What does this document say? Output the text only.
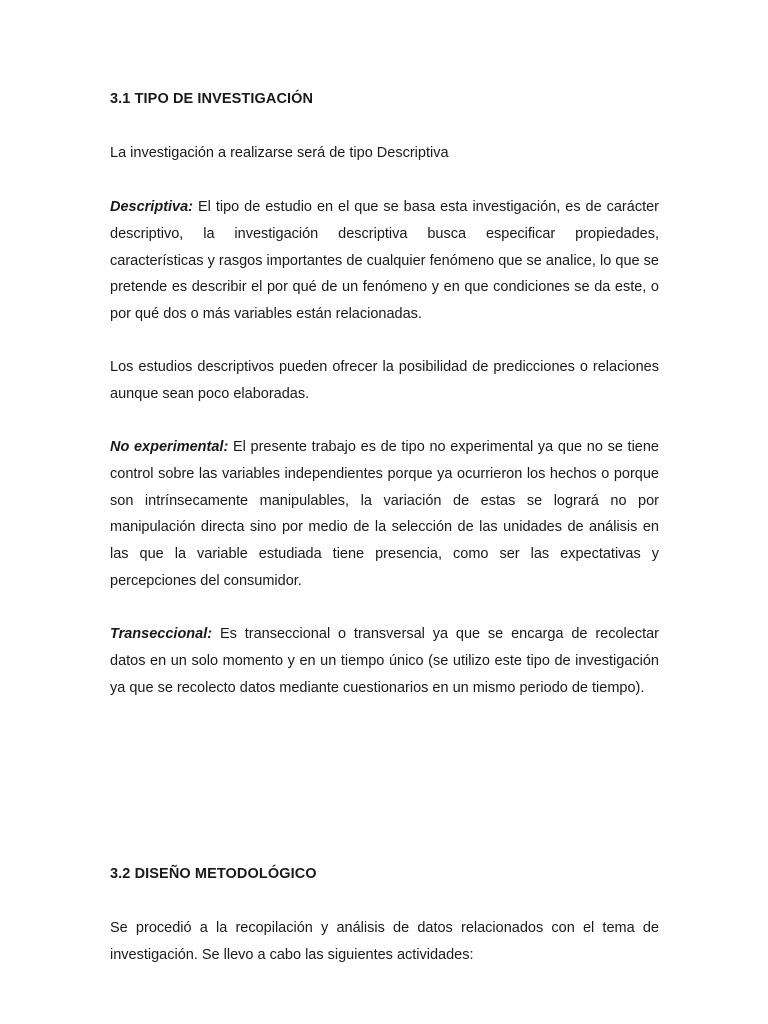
3.1 TIPO DE INVESTIGACIÓN

La investigación a realizarse será de tipo Descriptiva

Descriptiva: El tipo de estudio en el que se basa esta investigación, es de carácter descriptivo, la investigación descriptiva busca especificar propiedades, características y rasgos importantes de cualquier fenómeno que se analice, lo que se pretende es describir el por qué de un fenómeno y en que condiciones se da este, o por qué dos o más variables están relacionadas.

Los estudios descriptivos pueden ofrecer la posibilidad de predicciones o relaciones aunque sean poco elaboradas.

No experimental: El presente trabajo es de tipo no experimental ya que no se tiene control sobre las variables independientes porque ya ocurrieron los hechos o porque son intrínsecamente manipulables, la variación de estas se logrará no por manipulación directa sino por medio de la selección de las unidades de análisis en las que la variable estudiada tiene presencia, como ser las expectativas y percepciones del consumidor.

Transeccional: Es transeccional o transversal ya que se encarga de recolectar datos en un solo momento y en un tiempo único (se utilizo este tipo de investigación ya que se recolecto datos mediante cuestionarios en un mismo periodo de tiempo).

3.2 DISEÑO METODOLÓGICO

Se procedió a la recopilación y análisis de datos relacionados con el tema de investigación. Se llevo a cabo las siguientes actividades:
